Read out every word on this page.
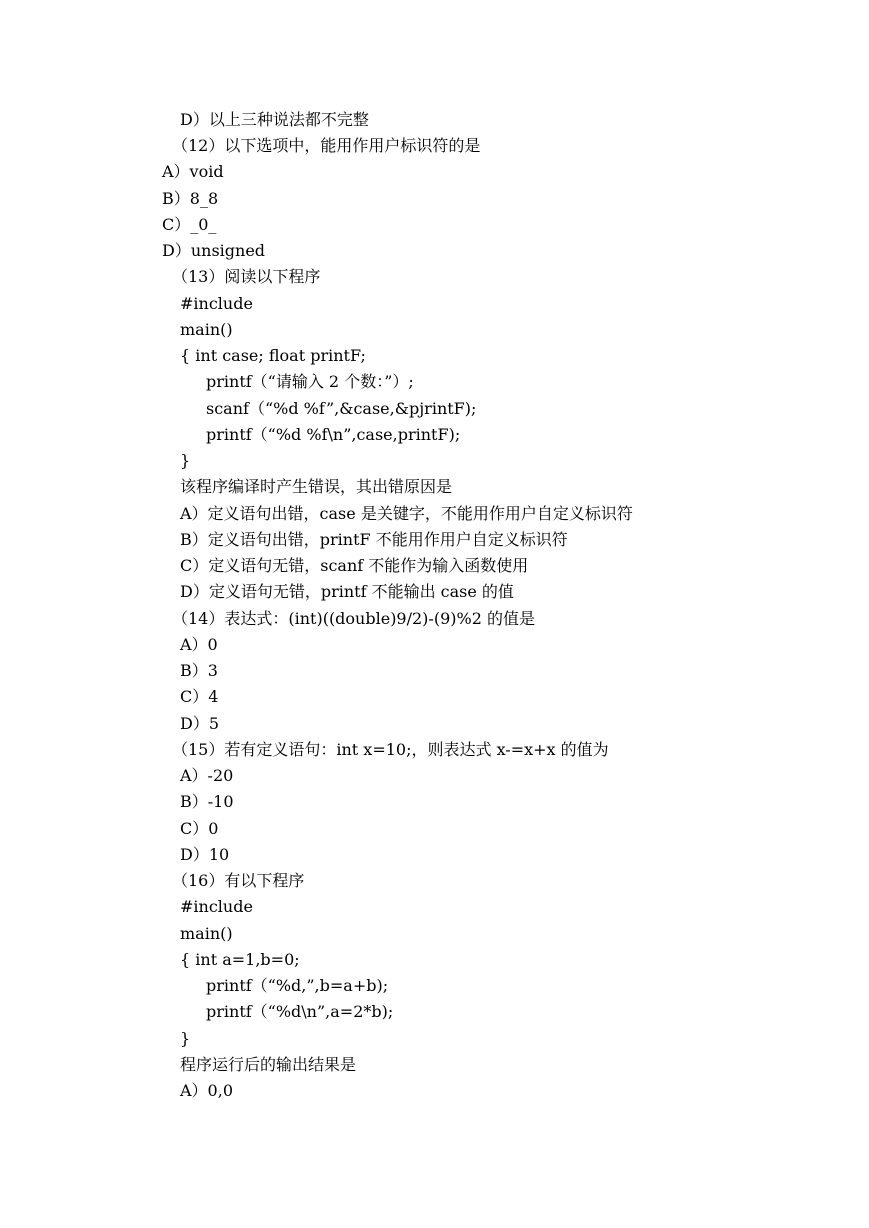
D）以上三种说法都不完整
（12）以下选项中，能用作用户标识符的是
A）void
B）8_8
C）_0_
D）unsigned
（13）阅读以下程序
#include
main()
{ int case; float printF;
printf（“请输入 2 个数：”）;
scanf（“%d %f”,&case,&pjrintF);
printf（“%d %f\n”,case,printF);
}
该程序编译时产生错误，其出错原因是
A）定义语句出错，case 是关键字，不能用作用户自定义标识符
B）定义语句出错，printF 不能用作用户自定义标识符
C）定义语句无错，scanf 不能作为输入函数使用
D）定义语句无错，printf 不能输出 case 的值
（14）表达式：(int)((double)9/2)-(9)%2 的值是
A）0
B）3
C）4
D）5
（15）若有定义语句：int x=10;，则表达式 x-=x+x 的值为
A）-20
B）-10
C）0
D）10
（16）有以下程序
#include
main()
{ int a=1,b=0;
printf（“%d,”,b=a+b);
printf（“%d\n”,a=2*b);
}
程序运行后的输出结果是
A）0,0
